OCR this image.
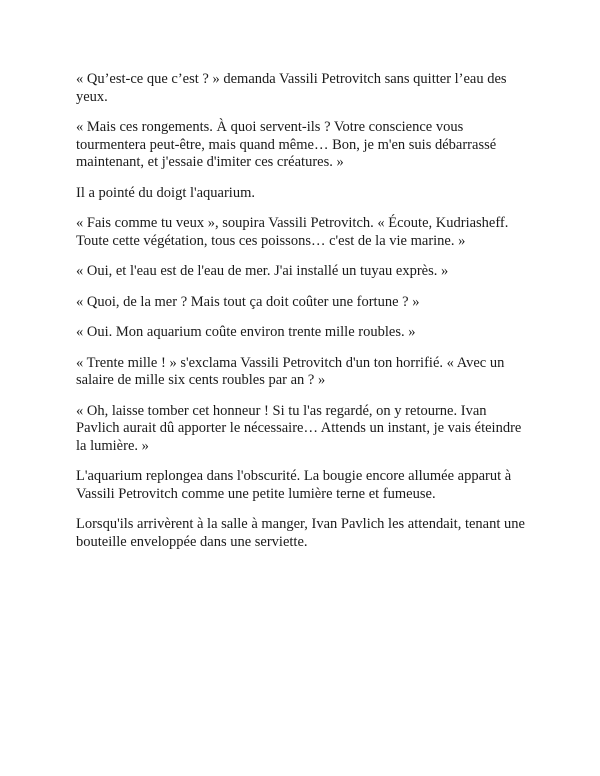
« Qu’est-ce que c’est ? » demanda Vassili Petrovitch sans quitter l’eau des yeux.

« Mais ces rongements. À quoi servent-ils ? Votre conscience vous tourmentera peut-être, mais quand même… Bon, je m'en suis débarrassé maintenant, et j'essaie d'imiter ces créatures. »

Il a pointé du doigt l'aquarium.

« Fais comme tu veux », soupira Vassili Petrovitch. « Écoute, Kudriasheff. Toute cette végétation, tous ces poissons… c'est de la vie marine. »

« Oui, et l'eau est de l'eau de mer. J'ai installé un tuyau exprès. »

« Quoi, de la mer ? Mais tout ça doit coûter une fortune ? »

« Oui. Mon aquarium coûte environ trente mille roubles. »

« Trente mille ! » s'exclama Vassili Petrovitch d'un ton horrifié. « Avec un salaire de mille six cents roubles par an ? »

« Oh, laisse tomber cet honneur ! Si tu l'as regardé, on y retourne. Ivan Pavlich aurait dû apporter le nécessaire… Attends un instant, je vais éteindre la lumière. »

L'aquarium replongea dans l'obscurité. La bougie encore allumée apparut à Vassili Petrovitch comme une petite lumière terne et fumeuse.

Lorsqu'ils arrivèrent à la salle à manger, Ivan Pavlich les attendait, tenant une bouteille enveloppée dans une serviette.
